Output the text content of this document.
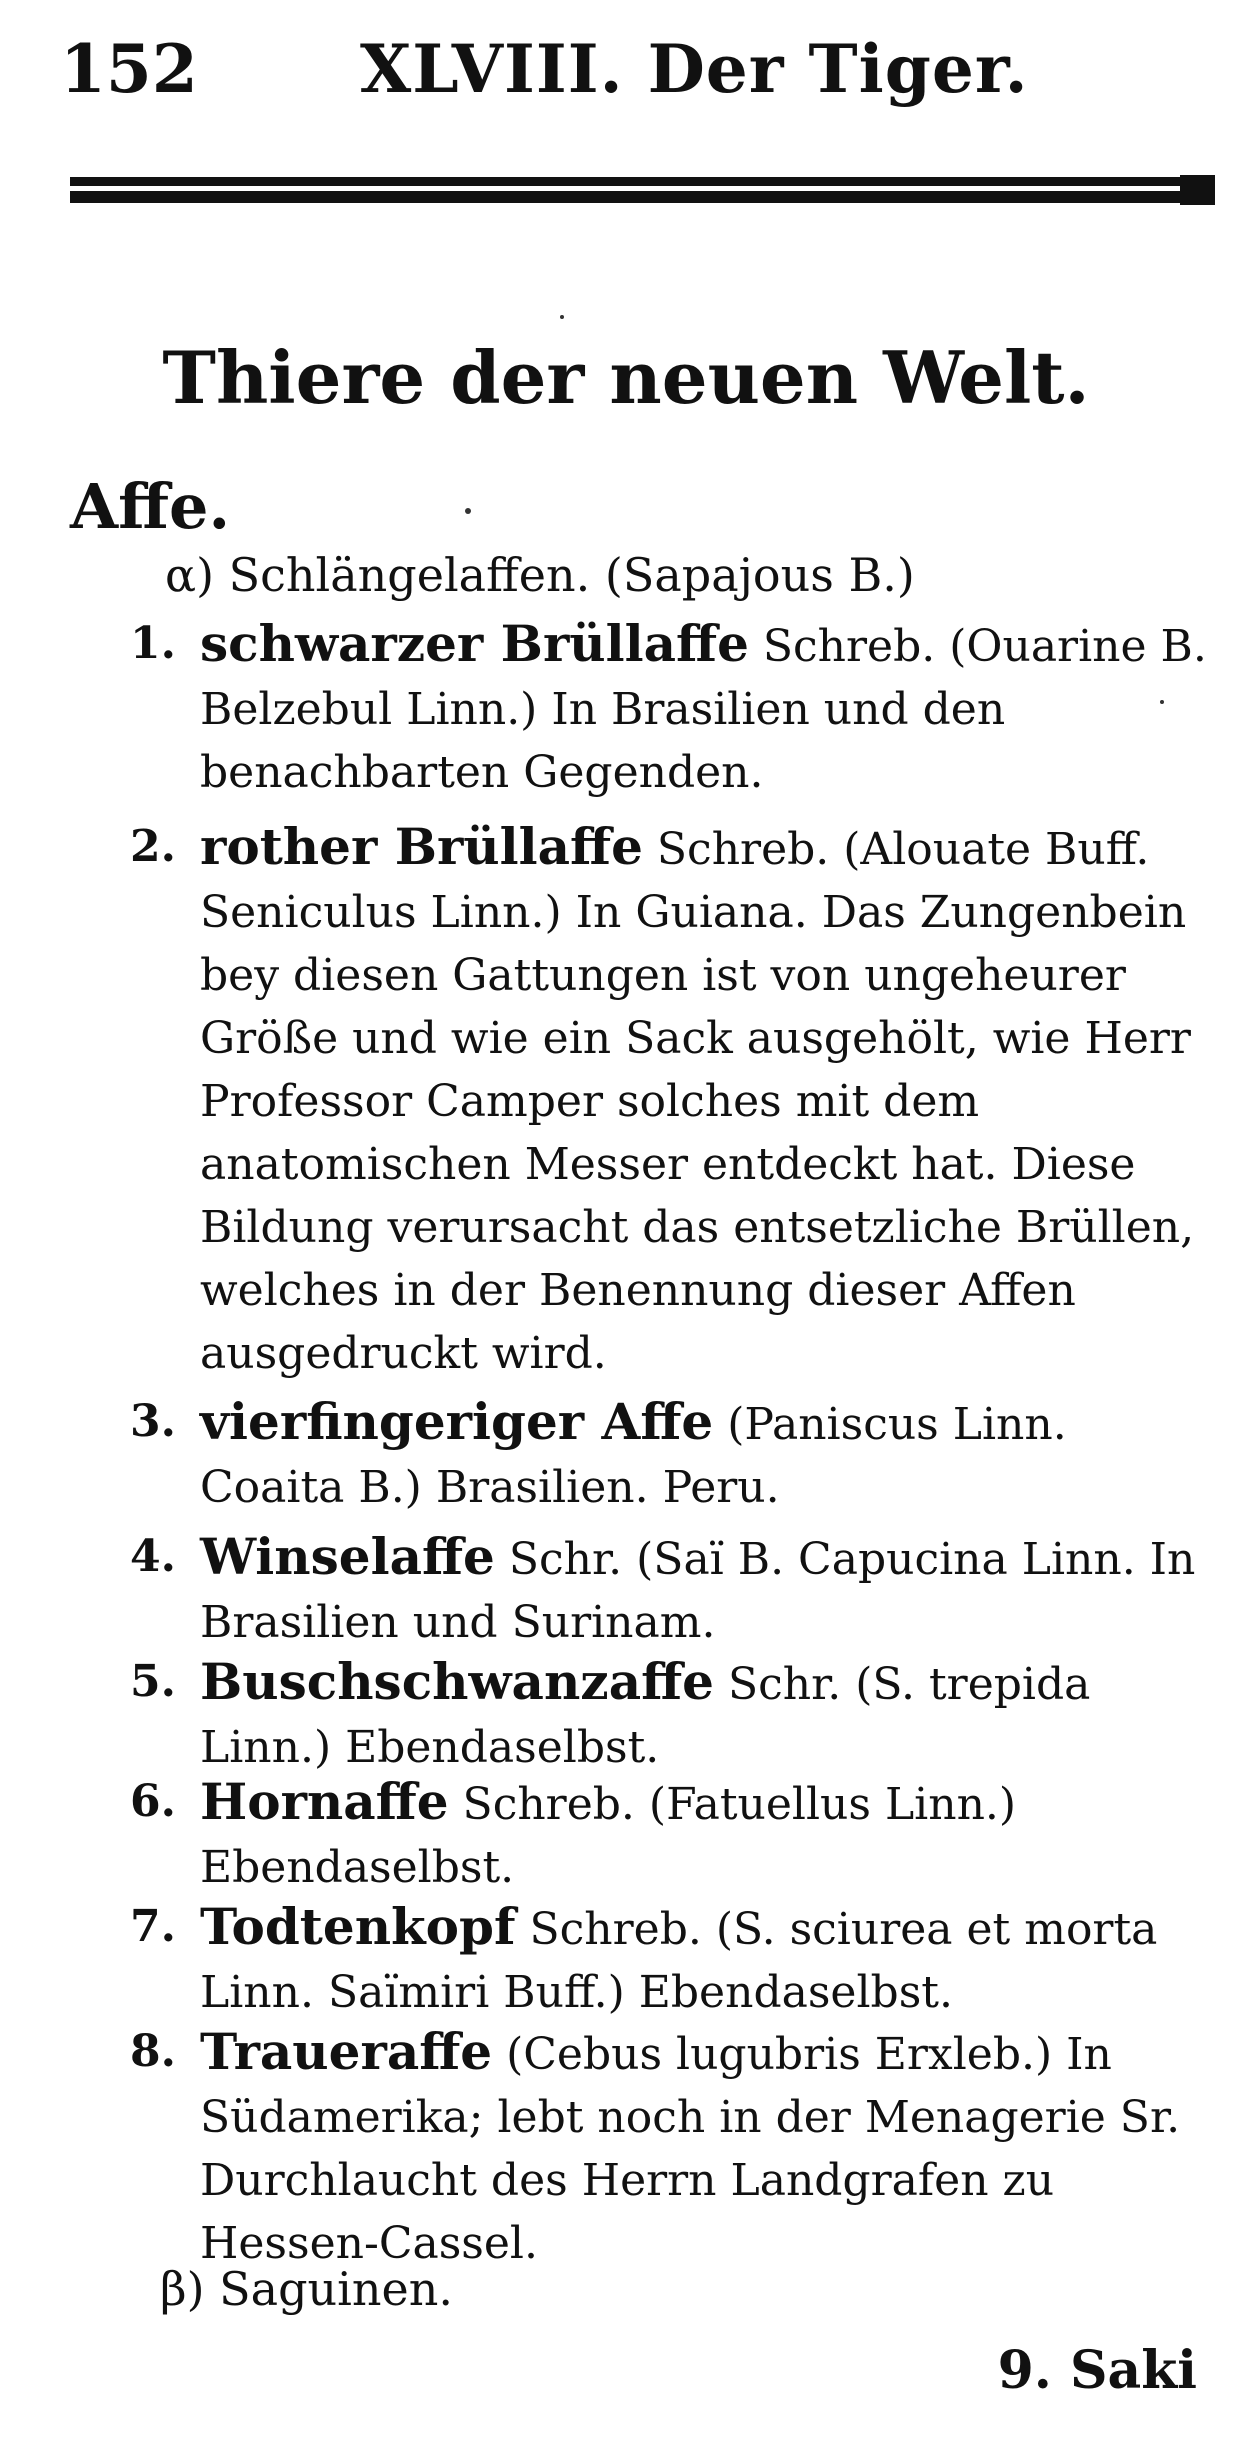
152 XLVIII. Der Tiger.
Thiere der neuen Welt.
Affe.
α) Schlängelaffen. (Sapajous B.)
1. schwarzer Brüllaffe Schreb. (Ouarine B. Belzebul Linn.) In Brasilien und den benachbarten Gegenden.
2. rother Brüllaffe Schreb. (Alouate Buff. Seniculus Linn.) In Guiana. Das Zungenbein bey diesen Gattungen ist von ungeheurer Größe und wie ein Sack ausgehölt, wie Herr Professor Camper solches mit dem anatomischen Messer entdeckt hat. Diese Bildung verursacht das entsetzliche Brüllen, welches in der Benennung dieser Affen ausgedruckt wird.
3. vierfingeriger Affe (Paniscus Linn. Coaita B.) Brasilien. Peru.
4. Winselaffe Schr. (Saï B. Capucina Linn. In Brasilien und Surinam.
5. Buschschwanzaffe Schr. (S. trepida Linn.) Ebendaselbst.
6. Hornaffe Schreb. (Fatuellus Linn.) Ebendaselbst.
7. Todtenkopf Schreb. (S. sciurea et morta Linn. Saïmiri Buff.) Ebendaselbst.
8. Traueraffe (Cebus lugubris Erxleb.) In Südamerika; lebt noch in der Menagerie Sr. Durchlaucht des Herrn Landgrafen zu Hessen-Cassel.
β) Saguinen.
9. Saki
